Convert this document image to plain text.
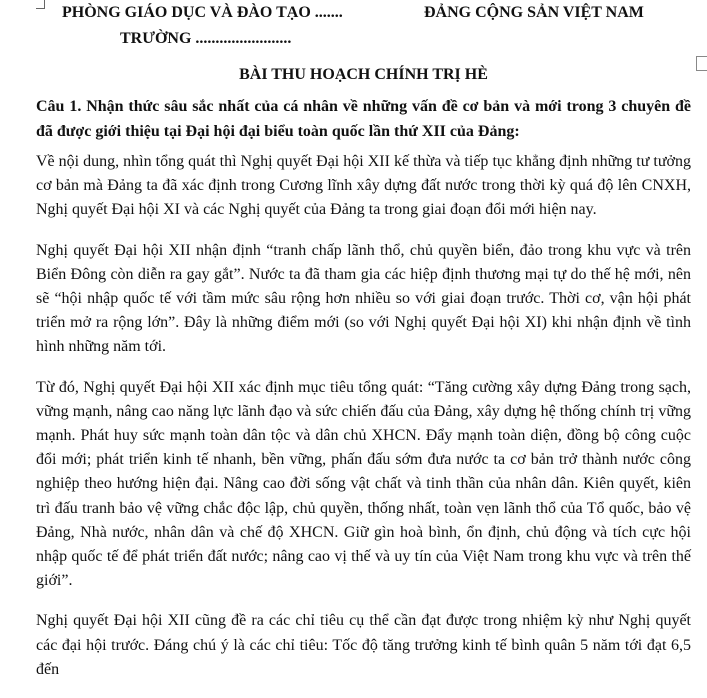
PHÒNG GIÁO DỤC VÀ ĐÀO TẠO .......	ĐẢNG CỘNG SẢN VIỆT NAM
TRƯỜNG ........................
BÀI THU HOẠCH CHÍNH TRỊ HÈ
Câu 1. Nhận thức sâu sắc nhất của cá nhân về những vấn đề cơ bản và mới trong 3 chuyên đề đã được giới thiệu tại Đại hội đại biểu toàn quốc lần thứ XII của Đảng:

Về nội dung, nhìn tổng quát thì Nghị quyết Đại hội XII kế thừa và tiếp tục khẳng định những tư tưởng cơ bản mà Đảng ta đã xác định trong Cương lĩnh xây dựng đất nước trong thời kỳ quá độ lên CNXH, Nghị quyết Đại hội XI và các Nghị quyết của Đảng ta trong giai đoạn đổi mới hiện nay.

Nghị quyết Đại hội XII nhận định “tranh chấp lãnh thổ, chủ quyền biển, đảo trong khu vực và trên Biển Đông còn diễn ra gay gắt”. Nước ta đã tham gia các hiệp định thương mại tự do thế hệ mới, nên sẽ “hội nhập quốc tế với tầm mức sâu rộng hơn nhiều so với giai đoạn trước. Thời cơ, vận hội phát triển mở ra rộng lớn”. Đây là những điểm mới (so với Nghị quyết Đại hội XI) khi nhận định về tình hình những năm tới.

Từ đó, Nghị quyết Đại hội XII xác định mục tiêu tổng quát: “Tăng cường xây dựng Đảng trong sạch, vững mạnh, nâng cao năng lực lãnh đạo và sức chiến đấu của Đảng, xây dựng hệ thống chính trị vững mạnh. Phát huy sức mạnh toàn dân tộc và dân chủ XHCN. Đẩy mạnh toàn diện, đồng bộ công cuộc đổi mới; phát triển kinh tế nhanh, bền vững, phấn đấu sớm đưa nước ta cơ bản trở thành nước công nghiệp theo hướng hiện đại. Nâng cao đời sống vật chất và tinh thần của nhân dân. Kiên quyết, kiên trì đấu tranh bảo vệ vững chắc độc lập, chủ quyền, thống nhất, toàn vẹn lãnh thổ của Tổ quốc, bảo vệ Đảng, Nhà nước, nhân dân và chế độ XHCN. Giữ gìn hoà bình, ổn định, chủ động và tích cực hội nhập quốc tế để phát triển đất nước; nâng cao vị thế và uy tín của Việt Nam trong khu vực và trên thế giới”.

Nghị quyết Đại hội XII cũng đề ra các chỉ tiêu cụ thể cần đạt được trong nhiệm kỳ như Nghị quyết các đại hội trước. Đáng chú ý là các chỉ tiêu: Tốc độ tăng trưởng kinh tế bình quân 5 năm tới đạt 6,5 đến
